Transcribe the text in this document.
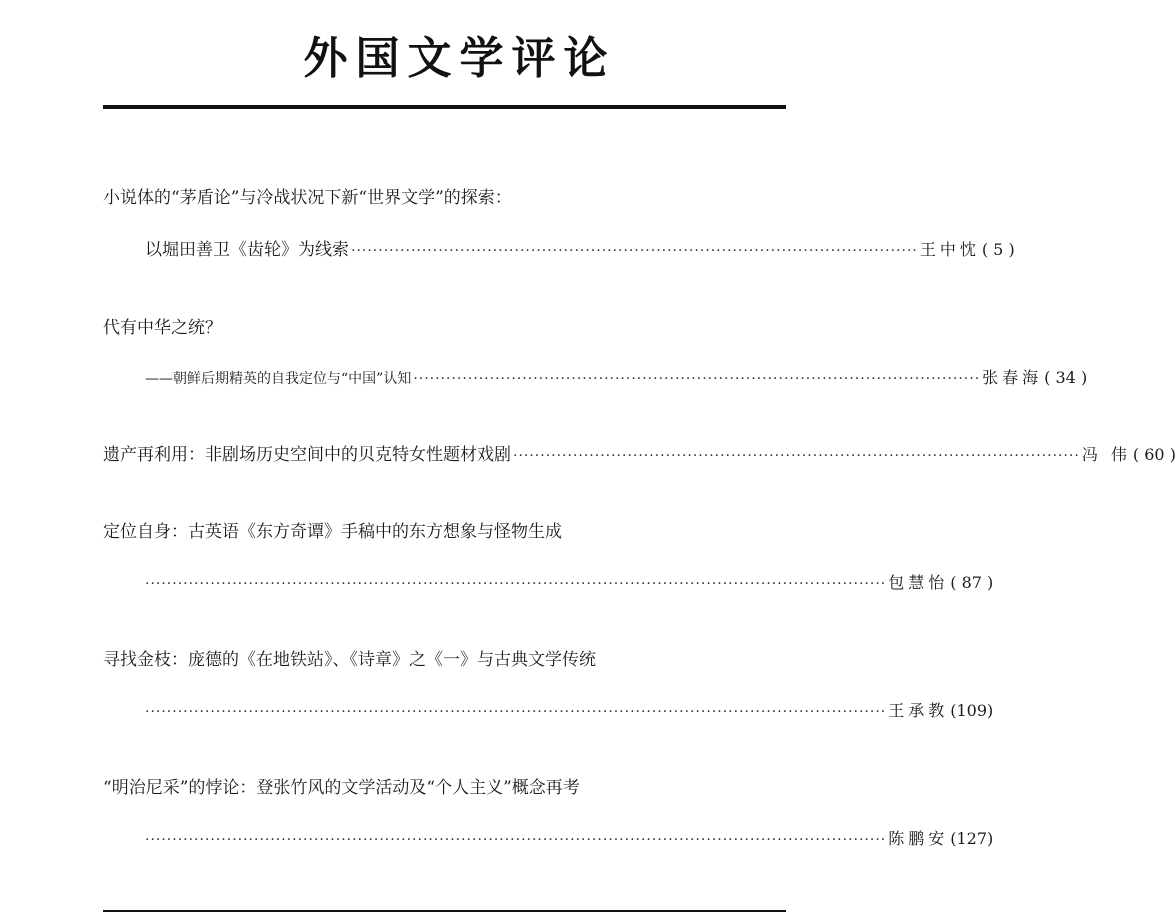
外国文学评论
小说体的“茅盾论”与冷战状况下新“世界文学”的探索：
以堀田善卫《齿轮》为线索 ········································································································ 王中忱 ( 5 )
代有中华之统？
——朝鲜后期精英的自我定位与“中国”认知 ········································································································ 张春海 ( 34 )
遗产再利用：非剧场历史空间中的贝克特女性题材戏剧 ········································································································ 冯 伟 ( 60 )
定位自身：古英语《东方奇谭》手稿中的东方想象与怪物生成
········································································································································ 包慧怡 ( 87 )
寻找金枝：庞德的《在地铁站》、《诗章》之《一》与古典文学传统
········································································································································ 王承教 (109)
“明治尼采”的悖论：登张竹风的文学活动及“个人主义”概念再考
········································································································································ 陈鹏安 (127)
